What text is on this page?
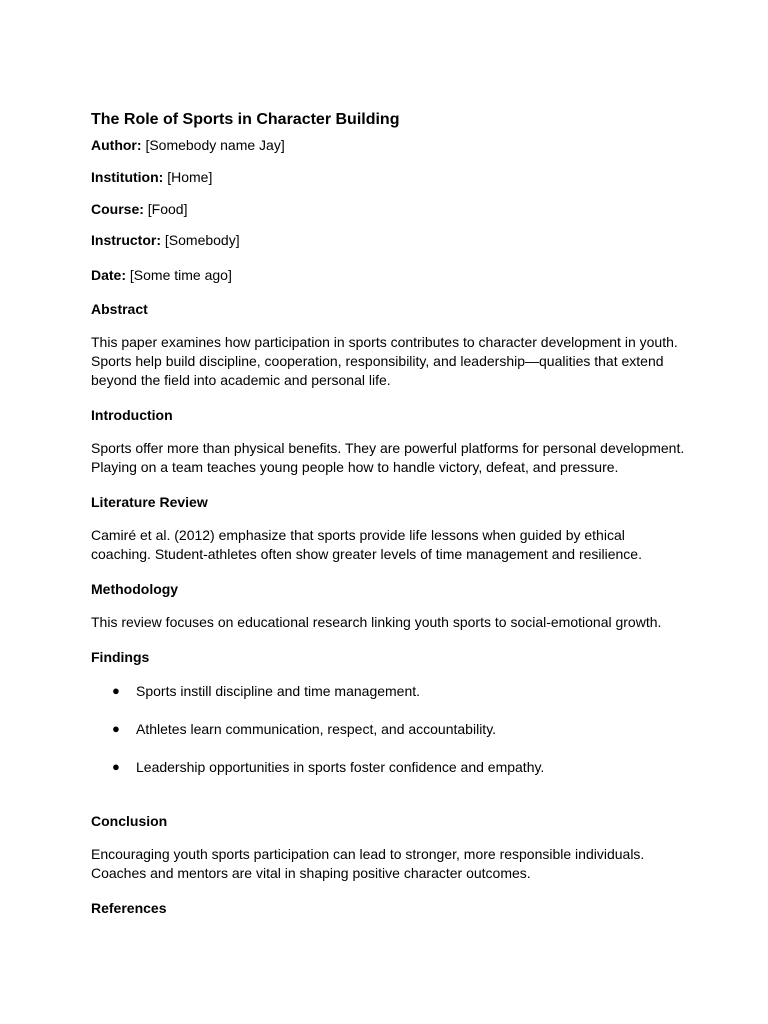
The Role of Sports in Character Building

Author: [Somebody name Jay]

Institution: [Home]

Course: [Food]

Instructor: [Somebody]

Date: [Some time ago]

Abstract
This paper examines how participation in sports contributes to character development in youth.
Sports help build discipline, cooperation, responsibility, and leadership—qualities that extend
beyond the field into academic and personal life.
Introduction
Sports offer more than physical benefits. They are powerful platforms for personal development.
Playing on a team teaches young people how to handle victory, defeat, and pressure.
Literature Review
Camiré et al. (2012) emphasize that sports provide life lessons when guided by ethical
coaching. Student-athletes often show greater levels of time management and resilience.
Methodology
This review focuses on educational research linking youth sports to social-emotional growth.
Findings
● Sports instill discipline and time management.
● Athletes learn communication, respect, and accountability.
● Leadership opportunities in sports foster confidence and empathy.
Conclusion
Encouraging youth sports participation can lead to stronger, more responsible individuals.
Coaches and mentors are vital in shaping positive character outcomes.
References
